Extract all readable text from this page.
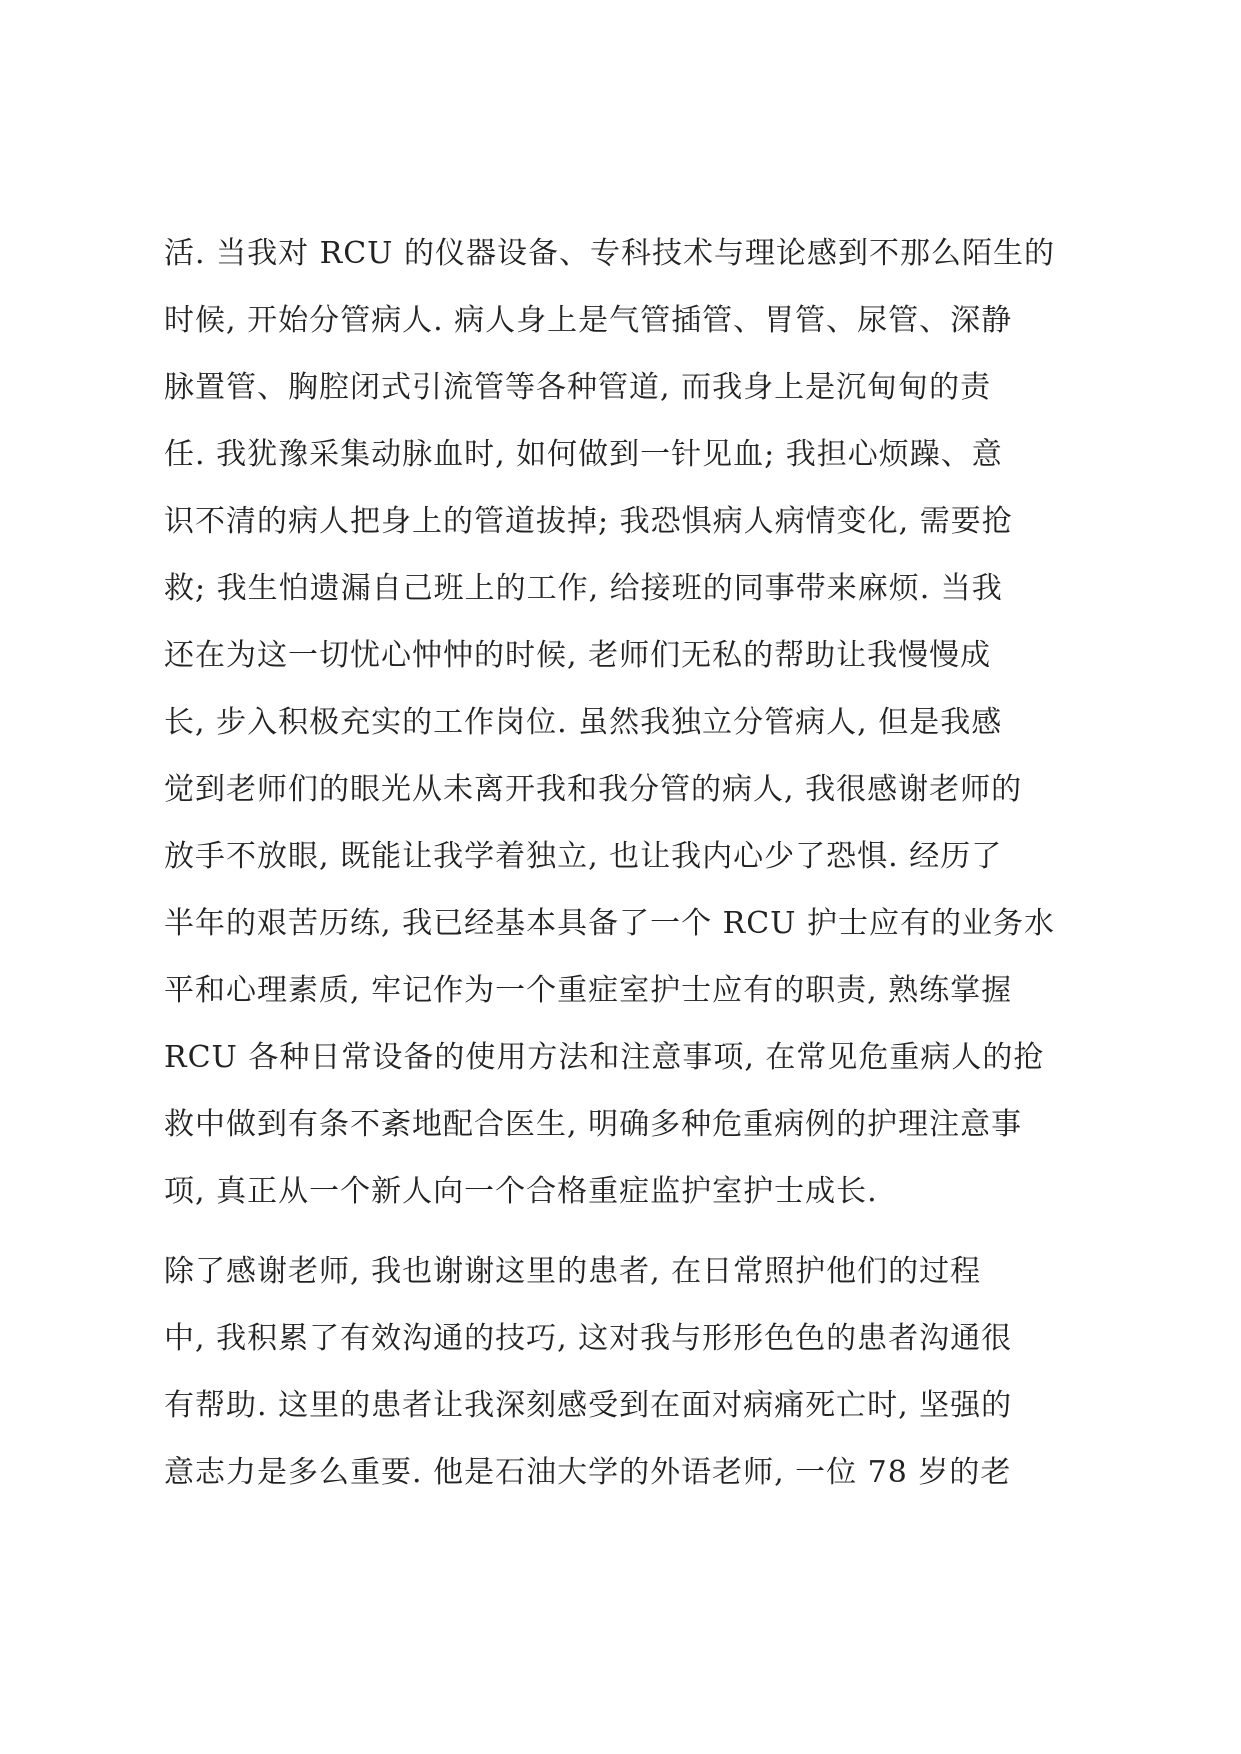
活. 当我对 RCU 的仪器设备、专科技术与理论感到不那么陌生的
时候, 开始分管病人. 病人身上是气管插管、胃管、尿管、深静
脉置管、胸腔闭式引流管等各种管道, 而我身上是沉甸甸的责
任. 我犹豫采集动脉血时, 如何做到一针见血; 我担心烦躁、意
识不清的病人把身上的管道拔掉; 我恐惧病人病情变化, 需要抢
救; 我生怕遗漏自己班上的工作, 给接班的同事带来麻烦. 当我
还在为这一切忧心忡忡的时候, 老师们无私的帮助让我慢慢成
长, 步入积极充实的工作岗位. 虽然我独立分管病人, 但是我感
觉到老师们的眼光从未离开我和我分管的病人, 我很感谢老师的
放手不放眼, 既能让我学着独立, 也让我内心少了恐惧. 经历了
半年的艰苦历练, 我已经基本具备了一个 RCU 护士应有的业务水
平和心理素质, 牢记作为一个重症室护士应有的职责, 熟练掌握
RCU 各种日常设备的使用方法和注意事项, 在常见危重病人的抢
救中做到有条不紊地配合医生, 明确多种危重病例的护理注意事
项, 真正从一个新人向一个合格重症监护室护士成长.
除了感谢老师, 我也谢谢这里的患者, 在日常照护他们的过程
中, 我积累了有效沟通的技巧, 这对我与形形色色的患者沟通很
有帮助. 这里的患者让我深刻感受到在面对病痛死亡时, 坚强的
意志力是多么重要. 他是石油大学的外语老师, 一位 78 岁的老
